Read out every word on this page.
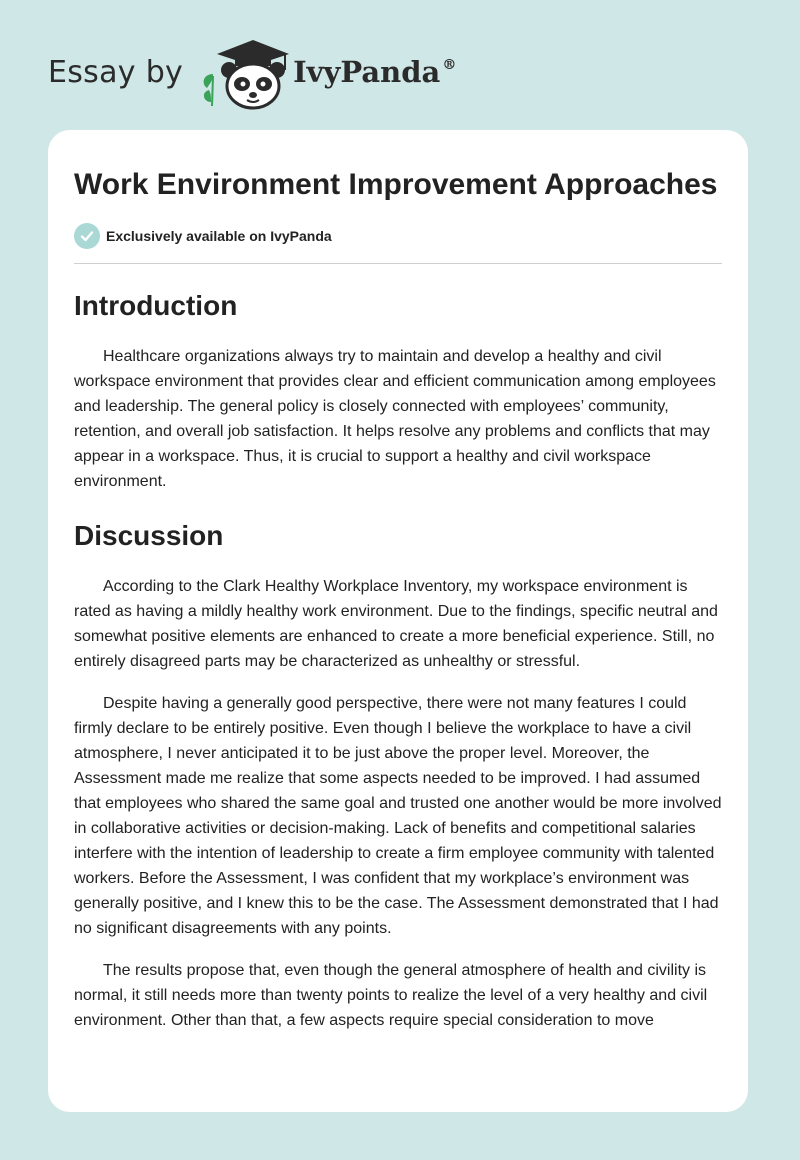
Essay by	IvyPanda ®
Work Environment Improvement Approaches
Exclusively available on IvyPanda
Introduction

Healthcare organizations always try to maintain and develop a healthy and civil workspace environment that provides clear and efficient communication among employees and leadership. The general policy is closely connected with employees’ community, retention, and overall job satisfaction. It helps resolve any problems and conflicts that may appear in a workspace. Thus, it is crucial to support a healthy and civil workspace environment.

Discussion

According to the Clark Healthy Workplace Inventory, my workspace environment is rated as having a mildly healthy work environment. Due to the findings, specific neutral and somewhat positive elements are enhanced to create a more beneficial experience. Still, no entirely disagreed parts may be characterized as unhealthy or stressful.

Despite having a generally good perspective, there were not many features I could firmly declare to be entirely positive. Even though I believe the workplace to have a civil atmosphere, I never anticipated it to be just above the proper level. Moreover, the Assessment made me realize that some aspects needed to be improved. I had assumed that employees who shared the same goal and trusted one another would be more involved in collaborative activities or decision-making. Lack of benefits and competitional salaries interfere with the intention of leadership to create a firm employee community with talented workers. Before the Assessment, I was confident that my workplace’s environment was generally positive, and I knew this to be the case. The Assessment demonstrated that I had no significant disagreements with any points.

The results propose that, even though the general atmosphere of health and civility is normal, it still needs more than twenty points to realize the level of a very healthy and civil environment. Other than that, a few aspects require special consideration to move
